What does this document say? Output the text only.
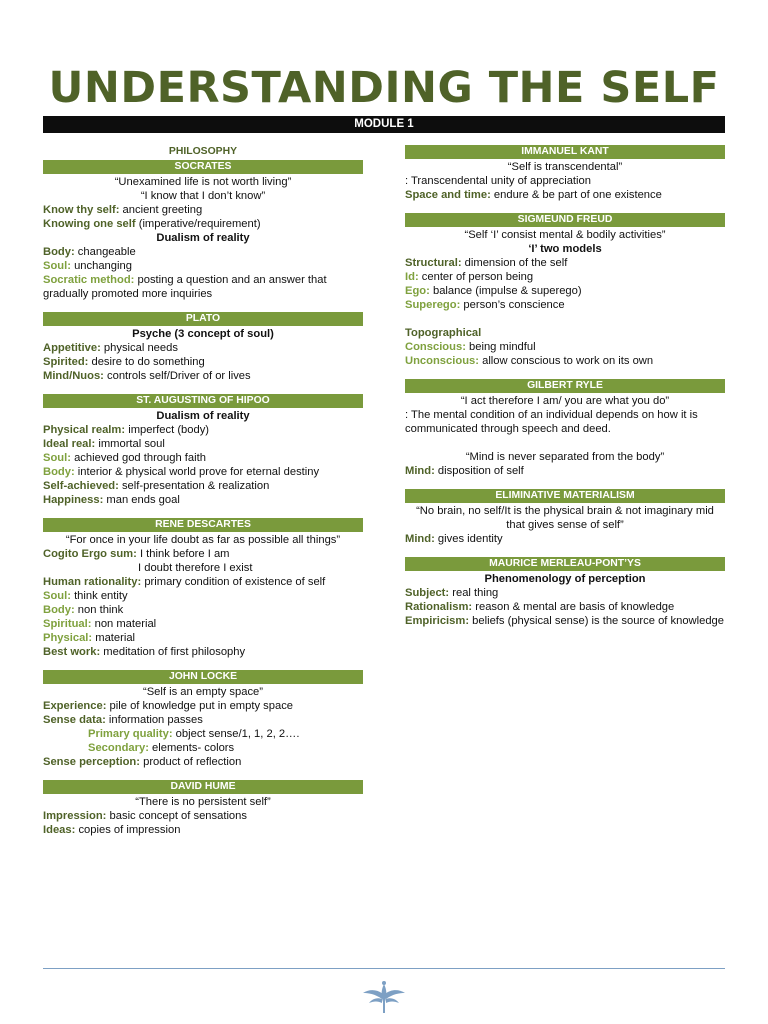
UNDERSTANDING THE SELF
MODULE 1
PHILOSOPHY
SOCRATES
“Unexamined life is not worth living”
“I know that I don’t know”
Know thy self: ancient greeting
Knowing one self (imperative/requirement)
Dualism of reality
Body: changeable
Soul: unchanging
Socratic method: posting a question and an answer that gradually promoted more inquiries
PLATO
Psyche (3 concept of soul)
Appetitive: physical needs
Spirited: desire to do something
Mind/Nuos: controls self/Driver of or lives
ST. AUGUSTING OF HIPOO
Dualism of reality
Physical realm: imperfect (body)
Ideal real: immortal soul
Soul: achieved god through faith
Body: interior & physical world prove for eternal destiny
Self-achieved: self-presentation & realization
Happiness: man ends goal
RENE DESCARTES
“For once in your life doubt as far as possible all things”
Cogito Ergo sum: I think before I am
I doubt therefore I exist
Human rationality: primary condition of existence of self
Soul: think entity
Body: non think
Spiritual: non material
Physical: material
Best work: meditation of first philosophy
JOHN LOCKE
“Self is an empty space”
Experience: pile of knowledge put in empty space
Sense data: information passes
Primary quality: object sense/1, 1, 2, 2….
Secondary: elements- colors
Sense perception: product of reflection
DAVID HUME
“There is no persistent self”
Impression: basic concept of sensations
Ideas: copies of impression
IMMANUEL KANT
“Self is transcendental”
: Transcendental unity of appreciation
Space and time: endure & be part of one existence
SIGMEUND FREUD
“Self ‘I’ consist mental & bodily activities”
‘I’ two models
Structural: dimension of the self
Id: center of person being
Ego: balance (impulse & superego)
Superego: person’s conscience
Topographical
Conscious: being mindful
Unconscious: allow conscious to work on its own
GILBERT RYLE
“I act therefore I am/ you are what you do”
: The mental condition of an individual depends on how it is communicated through speech and deed.
“Mind is never separated from the body”
Mind: disposition of self
ELIMINATIVE MATERIALISM
“No brain, no self/It is the physical brain & not imaginary mid that gives sense of self”
Mind: gives identity
MAURICE MERLEAU-PONT’YS
Phenomenology of perception
Subject: real thing
Rationalism: reason & mental are basis of knowledge
Empiricism: beliefs (physical sense) is the source of knowledge
